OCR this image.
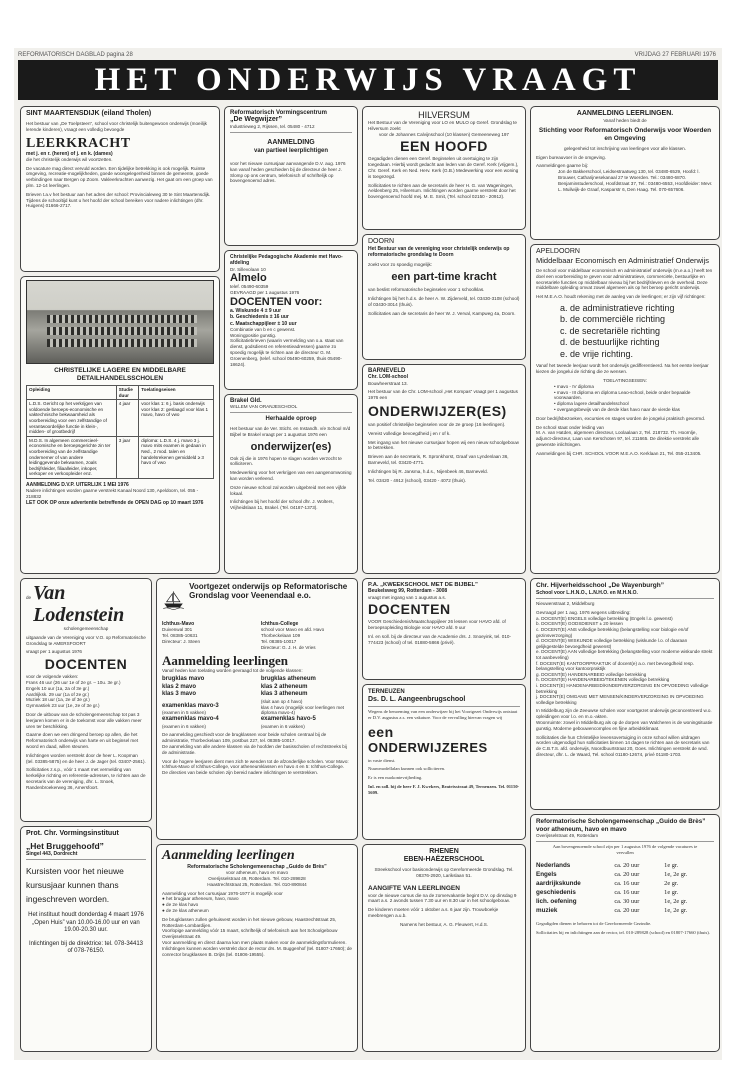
REFORMATORISCH DAGBLAD pagina 28	VRIJDAG 27 FEBRUARI 1976
HET ONDERWIJS VRAAGT
SINT MAARTENSDIJK (eiland Tholen)
Het bestuur van „De Toelpsteen”, school voor christelijk buitengewoon onderwijs (moeilijk lerende kinderen), vraagt een volledig bevoegde
LEERKRACHT
met j. en r. (heren) of j. en k. (dames)
die het christelijk onderwijs wil voortzetten.
De vacature mag direct vervuld worden. Een tijdelijke betrekking is ook mogelijk. Ruimte omgeving, recreatie-mogelijkheden, goede woongelegenheid binnen de gemeente, goede verbindingen naar Bergen op Zoom. Vakleerkrachten aanwezig. Het gaat om een groep van plm. 12-14 leerlingen.
Brieven t.a.v het bestuur aan het adres der school: Provincialeweg 30 te Sint Maartensdijk. Tijdens de schooltijd kunt u het hoofd der school bereiken voor nadere inlichtingen (dhr. Huigens) 01666-2717.
CHRISTELIJKE LAGERE EN MIDDELBARE DETAILHANDELSSCHOLEN
Opleiding	Studie duur	Toelatingseisen
L.D.S. Gericht op het verkrijgen van voldoende beroeps-economische en vaktechnische bekwaamheid als voorbereiding voor een zelfstandige of verantwoordelijke functie in klein-, midden- of grootbedrijf	4 jaar	voor klas 1: 6 j. basis onderwijs voor klas 2: geslaagd voor klas 1 mavo, havo of vwo
M.D.S. In algemeen commercieel-economische en beroepsgerichte zin ter voorbereiding van de zelfstandige ondernemer of van andere leidinggevende bekwamen, zoals bedrijfsleider, filiaalleider, inkoper, verkoper en verkoopleider enz.	3 jaar	diploma: L.D.S. 4 j. mavo 3 j. mavo mits examen is gedaan in Ned., 2 mod. talen en handelsrekenen gemiddeld ≥ 3 havo of vwo
AANMELDING D.V.P. UITERLIJK 1 MEI 1976
Nadere inlichtingen worden gaarne verstrekt Kanaal Noord 130, Apeldoorn, tel. 055 - 218832
LET OOK OP onze advertentie betreffende de OPEN DAG op 10 maart 1976
de Van Lodenstein
scholengemeenschap
uitgaande van de Vereniging voor V.O. op Reformatorische Grondslag te AMERSFOORT
vraagt per 1 augustus 1976
DOCENTEN
voor de volgende vakken:
Frans 46 uur (26 uur 1e of 2e gr. – 10u. 3e gr.)
Engels 10 uur (1a, 2a of 3e gr.)
Aardrijksk. 29 uur (1a of 2e gr.)
Muziek 18 uur (1a, 2e of 3e gr.)
Gymnastiek 23 uur (1e, 2e of 3e gr.)
Door de uitbouw van de scholengemeenschap tot pas 3 leerjaren komen er in de toekomst voor alle vakken meer uren ter beschikking.
Gaarne doen we een dringend beroep op allen, die het Reformatorisch onderwijs van harte en uit beginsel met woord en daad, willen steunen.
Inlichtingen worden verstrekt door de heer L. Koopman (tel. 03385-5875) en de heer J. de Jager (tel. 03407-2561).
Sollicitaties z.s.p., vóór 1 maart met vermelding van kerkelijke richting en referentie-adressen, te richten aan de secretaris van de vereniging, dhr. L. Snoek, Randenbroekerweg 36, Amersfoort.
Prot. Chr. Vormingsinstituut
„Het Bruggehoofd”
Singel 443, Dordrecht
Kursisten voor het nieuwe
kursusjaar kunnen thans
ingeschreven worden.
Het instituut houdt donderdag 4 maart 1976 „Open Huis” van 10.00-16.00 uur en van 19.00-20.30 uur.
Inlichtingen bij de direktrice: tel. 078-34413 of 078-76150.
Reformatorisch Vormingscentrum
„De Wegwijzer”
Industrieweg 2, Rijssen, tel. 05480 - 4712
AANMELDING
van partieel leerplichtigen
voor het nieuwe cursusjaar aanvangende D.V. aug. 1976 kan vanaf heden geschieden bij de directeur de heer J. Slomp op ons centrum, telefonisch of schriftelijk op bovengenoemd adres.
Christelijke Pedagogische Akademie met Havo-afdeling
Dr. Sillevolaan 10
Almelo
telef. 05490-60359
GEVRAAGD per 1 augustus 1976
DOCENTEN voor:
a. Wiskunde 4 ± 9 uur
b. Geschiedenis ± 16 uur
c. Maatschappijleer ± 10 uur
Combinatie van b en c gewenst.
Woningpositie gunstig.
Sollicitatiebrieven (waarin vermelding van o.a. staat van dienst, godsdienst en referentieadressen) gaarne zo spoedig mogelijk te richten aan de directeur G. M. Groenenberg, (telef. school 05490-60259, thuis 05490-18624).
Brakel Gld.
WILLEM VAN ORANJESCHOOL
Herhaalde oproep
Het bestuur van de Ver. Sticht. en Instandh. v/e School m/d Bijbel te Brakel vraagt per 1 augustus 1976 een
onderwijzer(es)
Ook zij die in 1976 hopen te slagen worden verzocht te solliciteren.
Medewerking voor het verkrijgen van een aangenomwoning kan worden verleend.
Onze nieuwe school zal worden uitgebreid met een vijfde lokaal.
Inlichtingen bij het hoofd der school dhr. J. Wolters, Vrijheidslaan 11, Brakel. (Tel. 04187-1373).
Voortgezet onderwijs op Reformatorische Grondslag voor Veenendaal e.o.
Ichthus-Mavo
Duivenwal 301
Tel. 08385-10631
Directeur: J. Steen
Ichthus-College
school voor Mavo en afd. Havo
Thorbeckelaan 109
Tel. 08385-10017
Directeur: G. J. H. de Vries
Aanmelding leerlingen
Vanaf heden kan toelating worden gevraagd tot de volgende klassen:
brugklas mavo
klas 2 mavo
klas 3 mavo
examenklas mavo-3
(examen in 5 vakken)
examenklas mavo-4
(examen in 6 vakken)
brugklas atheneum
klas 2 atheneum
klas 3 atheneum
(sluit aan op 4 havo)
klas 4 havo (mogelijk voor leerlingen met diploma mavo-4)
examenklas havo-5
(examen in 6 vakken)
De aanmelding geschiedt voor de brugklassen voor beide scholen centraal bij de administratie, Thorbeckelaan 109, postbus 227, tel. 08385-10017.
De aanmelding van alle andere klassen via de hoofden der basisscholen of rechtstreeks bij de administratie.
Voor de hogere leerjaren dient men zich te wenden tot de afzonderlijke scholen. Voor Mavo: Ichthus-Mavo of Ichthus-College, voor atheneumklassen en havo 4 en 5: Ichthus-College.
De directies van beide scholen zijn bereid nadere inlichtingen te verstrekken.
Aanmelding leerlingen
Reformatorische Scholengemeenschap „Guido de Brès”
voor atheneum, havo en mavo
Overijsselstraat 49, Rotterdam. Tel. 010-289828
Haastrechtstraat 25, Rotterdam. Tel. 010-890844
Aanmelding voor het cursusjaar 1976-1977 is mogelijk voor
● het brugjaar atheneum, havo, mavo
● de 2e klas havo
● de 2e klas atheneum
De brugklassen zullen gehuisvest worden in het nieuwe gebouw, Haastrechtstraat 25, Rotterdam-Lombardijen.
Voorlopige aanmelding vóór 15 maart, schriftelijk of telefonisch aan het Schoolgebouw Overijsselstraat 49.
Voor aanmelding en direct daarna kan men plaats maken voor de aanmeldingsformulieren.
Inlichtingen kunnen worden verstrekt door de rector drs. M. Buggenhof (tel. 01807-17660); de conrector brugklassen B. Drijts (tel. 01806-19555).
HILVERSUM
Het Bestuur van de Vereniging voor LO en MULO op Geref. Grondslag te Hilversum zoekt
voor de Johannes Calvijnschool (10 klassen) Gemeeneweg 197
EEN HOOFD
Gegadigden dienen een Geref. Beginselen uit overtuiging te zijn toegedaan. Hierbij wordt gedacht aan leden van de Geref. Kerk (vrijgem.), Chr. Geref. Kerk en Ned. Herv. Kerk (G.B.) Medewerking voor een woning is toegezegd.
Sollicitaties te richten aan de secretaris de heer H. G. van Wageningen, Aeldenberg 25, Hilversum. Inlichtingen worden gaarne verstrekt door het bovengenoemd hoofd mej. M. E. Smit, (Tel. school 02150 - 20912).
DOORN
Het Bestuur van de vereniging voor christelijk onderwijs op reformatorische grondslag te Doorn
zoekt voor zo spoedig mogelijk:
een part-time kracht
van beslist reformatorische beginselen voor 1 schoolklas.
Inlichtingen bij het h.d.s. de heer A. W. Zijderveld, tel. 03430-3108 (school) of 03430-3014 (thuis).
Sollicitaties aan de secretaris de heer W. J. Verval, Kampweg 4a, Doorn.
BARNEVELD
Chr. LOM-school
Bouwheerstraat 13.
Het bestuur van de Chr. LOM-school „Het Kompas” vraagt per 1 augustus 1976 een
ONDERWIJZER(ES)
van positief christelijke beginselen voor de 2e groep (16 leerlingen).
Vereist volledige bevoegdheid j en r of k.
Met ingang van het nieuwe cursusjaar hopen wij een nieuw schoolgebouw te betrekken.
Brieven aan de secretaris, R. Spronkhorst, Graaf van Lyndenlaan 36, Barneveld, tel. 03420-4771.
Inlichtingen bij R. Jansma, h.d.s., Nijenbeek 46, Barneveld.
Tel. 03420 - 4912 (school), 03420 - 4072 (thuis).
P.A. „KWEEKSCHOOL MET DE BIJBEL”
Beukelsweg 99, Rotterdam - 3008
vraagt met ingang van 1 augustus a.s.
DOCENTEN
VOOR Geschiedenis/Maatschappijleer 26 lessen voor HAVO afd. of beroepsopleiding Biologie voor HAVO afd. 9 uur
Inl. en soll. bij de directeur van de Academie drs. J. Snoeyink, tel. 010-774423 (school) of tel. 01880-5866 (privé).
TERNEUZEN
Ds. D. L. Aangeenbrugschool
Wegens de benoeming van een onderwijzer bij het Voortgezet Onderwijs ontstaat er D.V. augustus a.s. een vakature. Voor de vervulling hiervan vragen wij
een
ONDERWIJZERES
in vaste dienst.
Nuuwmodellalan kunnen ook solliciteren.
Er is een nuokontevrijheding.
Inl. en soll. bij de heer F. J. Kwekers, Beatrixstraat 49, Terneuzen. Tel. 01150-5609.
RHENEN
EBEN-HAËZERSCHOOL
Streekschool voor basisonderwijs op Gereformeerde Grondslag. Tel. 08376-2920, Larikslaan 51.
AANGIFTE VAN LEERLINGEN
voor de nieuwe cursus die na de zomervakantie begint D.V. op dinsdag 9 maart a.s. 2 avonds tussen 7.30 uur en 8.30 uur in het schoolgebouw.
De kinderen moeten vóór 1 oktober a.s. 6 jaar zijn. Trouwboekje meebrengen a.u.b.
Namens het bestuur, A. G. Fleuwert, H.d.S.
AANMELDING LEERLINGEN.
Vanaf heden biedt de
Stichting voor Reformatorisch Onderwijs voor Woerden en Omgeving
gelegenheid tot inschrijving van leerlingen voor alle klassen.
Eigen bureauvoer in de omgeving.
Aanmeldingen gaarne bij:
Jon de Bakkerschool, Leidsestraatweg 130, tel. 03480-6529, Hoofd: l. Brouwer, Catharijnesekanaal 27 te Woerden. Tel.: 03480-6870. Benjaminstuderschool, Hoofdstraat 37, Tel.: 03480-6553, Hoofdleider: Mevr. L. Muilwijk-de Graaf, Kasparstr 6, Den Haag. Tel. 070-657606.
APELDOORN
Middelbaar Economisch en Administratief Onderwijs
De school voor middelbaar economisch en administratief onderwijs (m.e.a.o.) heeft ten doel een voorbereiding te geven voor administratieve, commerciële, bestuurlijke en secretariële functies op middelbaar niveau bij het bedrijfsleven en de overheid. Deze middelbare opleiding omvat zowel algemeen als op het beroep gericht onderwijs.
Het M.E.A.O. houdt rekening met de aanleg van de leerlingen; er zijn vijf richtingen:
a. de administratieve richting
b. de commerciële richting
c. de secretariële richting
d. de bestuurlijke richting
e. de vrije richting.
Vanaf het tweede leerjaar wordt het onderwijs gedifferentieerd. Na het eerste leerjaar kiezen de jongelui de richting die ze wensen.
TOELATINGSEISEN:
• mavo - IV diploma
• mavo - III diploma en diploma Leao-school, beide onder bepaalde voorwaarden.
• diploma lagere detailhandelsschool
• overgangsbewijs van de derde klas havo naar de vierde klas
Door bedrijfsbezoeken, excursies en stages worden de jongelui praktisch gevormd.
De school staat onder leiding van
M. A. van Hatden, algemeen directeur, Loolaalaan 2, Tel. 218732. Th. Hoornlje, adjunct-directeur, Laan van Kerschoten 97, tel. 211665. De direktie verstrekt alle gewenste inlichtingen.
Aanmeldingen bij CHR. SCHOOL VOOR M.E.A.O. Kerklaan 21, Tel. 055-213405.
Chr. Hijverheidsschool „De Wayenburgh”
School voor L.H.N.O., L.N.H.O. en M.H.N.O.
Nieuwenstraat 2, Middelburg
Gevraagd per 1 aug. 1976 wegens uitbreiding:
a. DOCENT(E) ENGELS volledige betrekking (Engels l.o. gewenst)
b. DOCENT(E) GODSDIENST ± 20 lessen
c. DOCENT(E) ANS volledige betrekking (belangstelling voor biologie en/of gezinsverzorging)
d. DOCENT(E) WISKUNDE volledige betrekking (wiskunde l.o. of daaraan gelijkgestelde bevoegdheid gewenst)
e. DOCENT(E) AAN volledige betrekking (belangstelling voor moderne wiskunde strekt tot aanbeveling)
f. DOCENT(E) KANTOORPRAKTIJK of docent(e) a.o. met bevoegdheid resp. belangstelling voor kantoorpraktijk
g. DOCENT(E) HANDENARBEID volledige betrekking
h. DOCENT(E) HANDENARBEID/TEKENEN volledige betrekking
i. DOCENT(E) HANDENARBEID/KINDERVERZORGING EN OPVOEDING volledige betrekking
j. DOCENT(E) OMGANG MET MENSEN/KINDERVERZORGING IN OPVOEDING volledige betrekking
In Middelburg zijn de Zeeuwse scholen voor voortgezet onderwijs geconcentreerd w.o. opleidingen voor l.o. en m.o.-akten.
Woonruimte: zowel in Middelburg als op de dorpen van Walcheren is de woningsituatie gunstig. Moderne gebouwencomplex en fijne arbeidsklimaat.
Sollicitaties die hun Christelijke levensovertuiging in onze school willen uitdragen worden uitgenodigd hun sollicitaties binnen 14 dagen te richten aan de secretaris van de C.B.T.S. afd. onderwijs, Noordbuurtstraat 20, Goes. Inlichtingen verstrekt de wnd. directeur, dhr. L. de Waard, Tel. school 01180-12674, privé 01180-1703.
Reformatorische Scholengemeenschap „Guido de Brès” voor atheneum, havo en mavo
Overijsselstraat 49, Rotterdam
Aan bovengenoemde school zijn per 1 augustus 1976 de volgende vacatures te vervullen
Nederlands	ca. 20 uur	1e gr.
Engels	ca. 20 uur	1e, 2e gr.
aardrijkskunde	ca. 16 uur	2e gr.
geschiedenis	ca. 16 uur	1e gr.
lich. oefening	ca. 30 uur	1e, 2e gr.
muziek	ca. 20 uur	1e, 2e gr.
Gegadigden dienen te behoren tot de Gereformeerde Gezindte.
Sollicitaties bij en inlichtingen aan de rector, tel. 010-289828 (school) en 01807-17660 (thuis).
